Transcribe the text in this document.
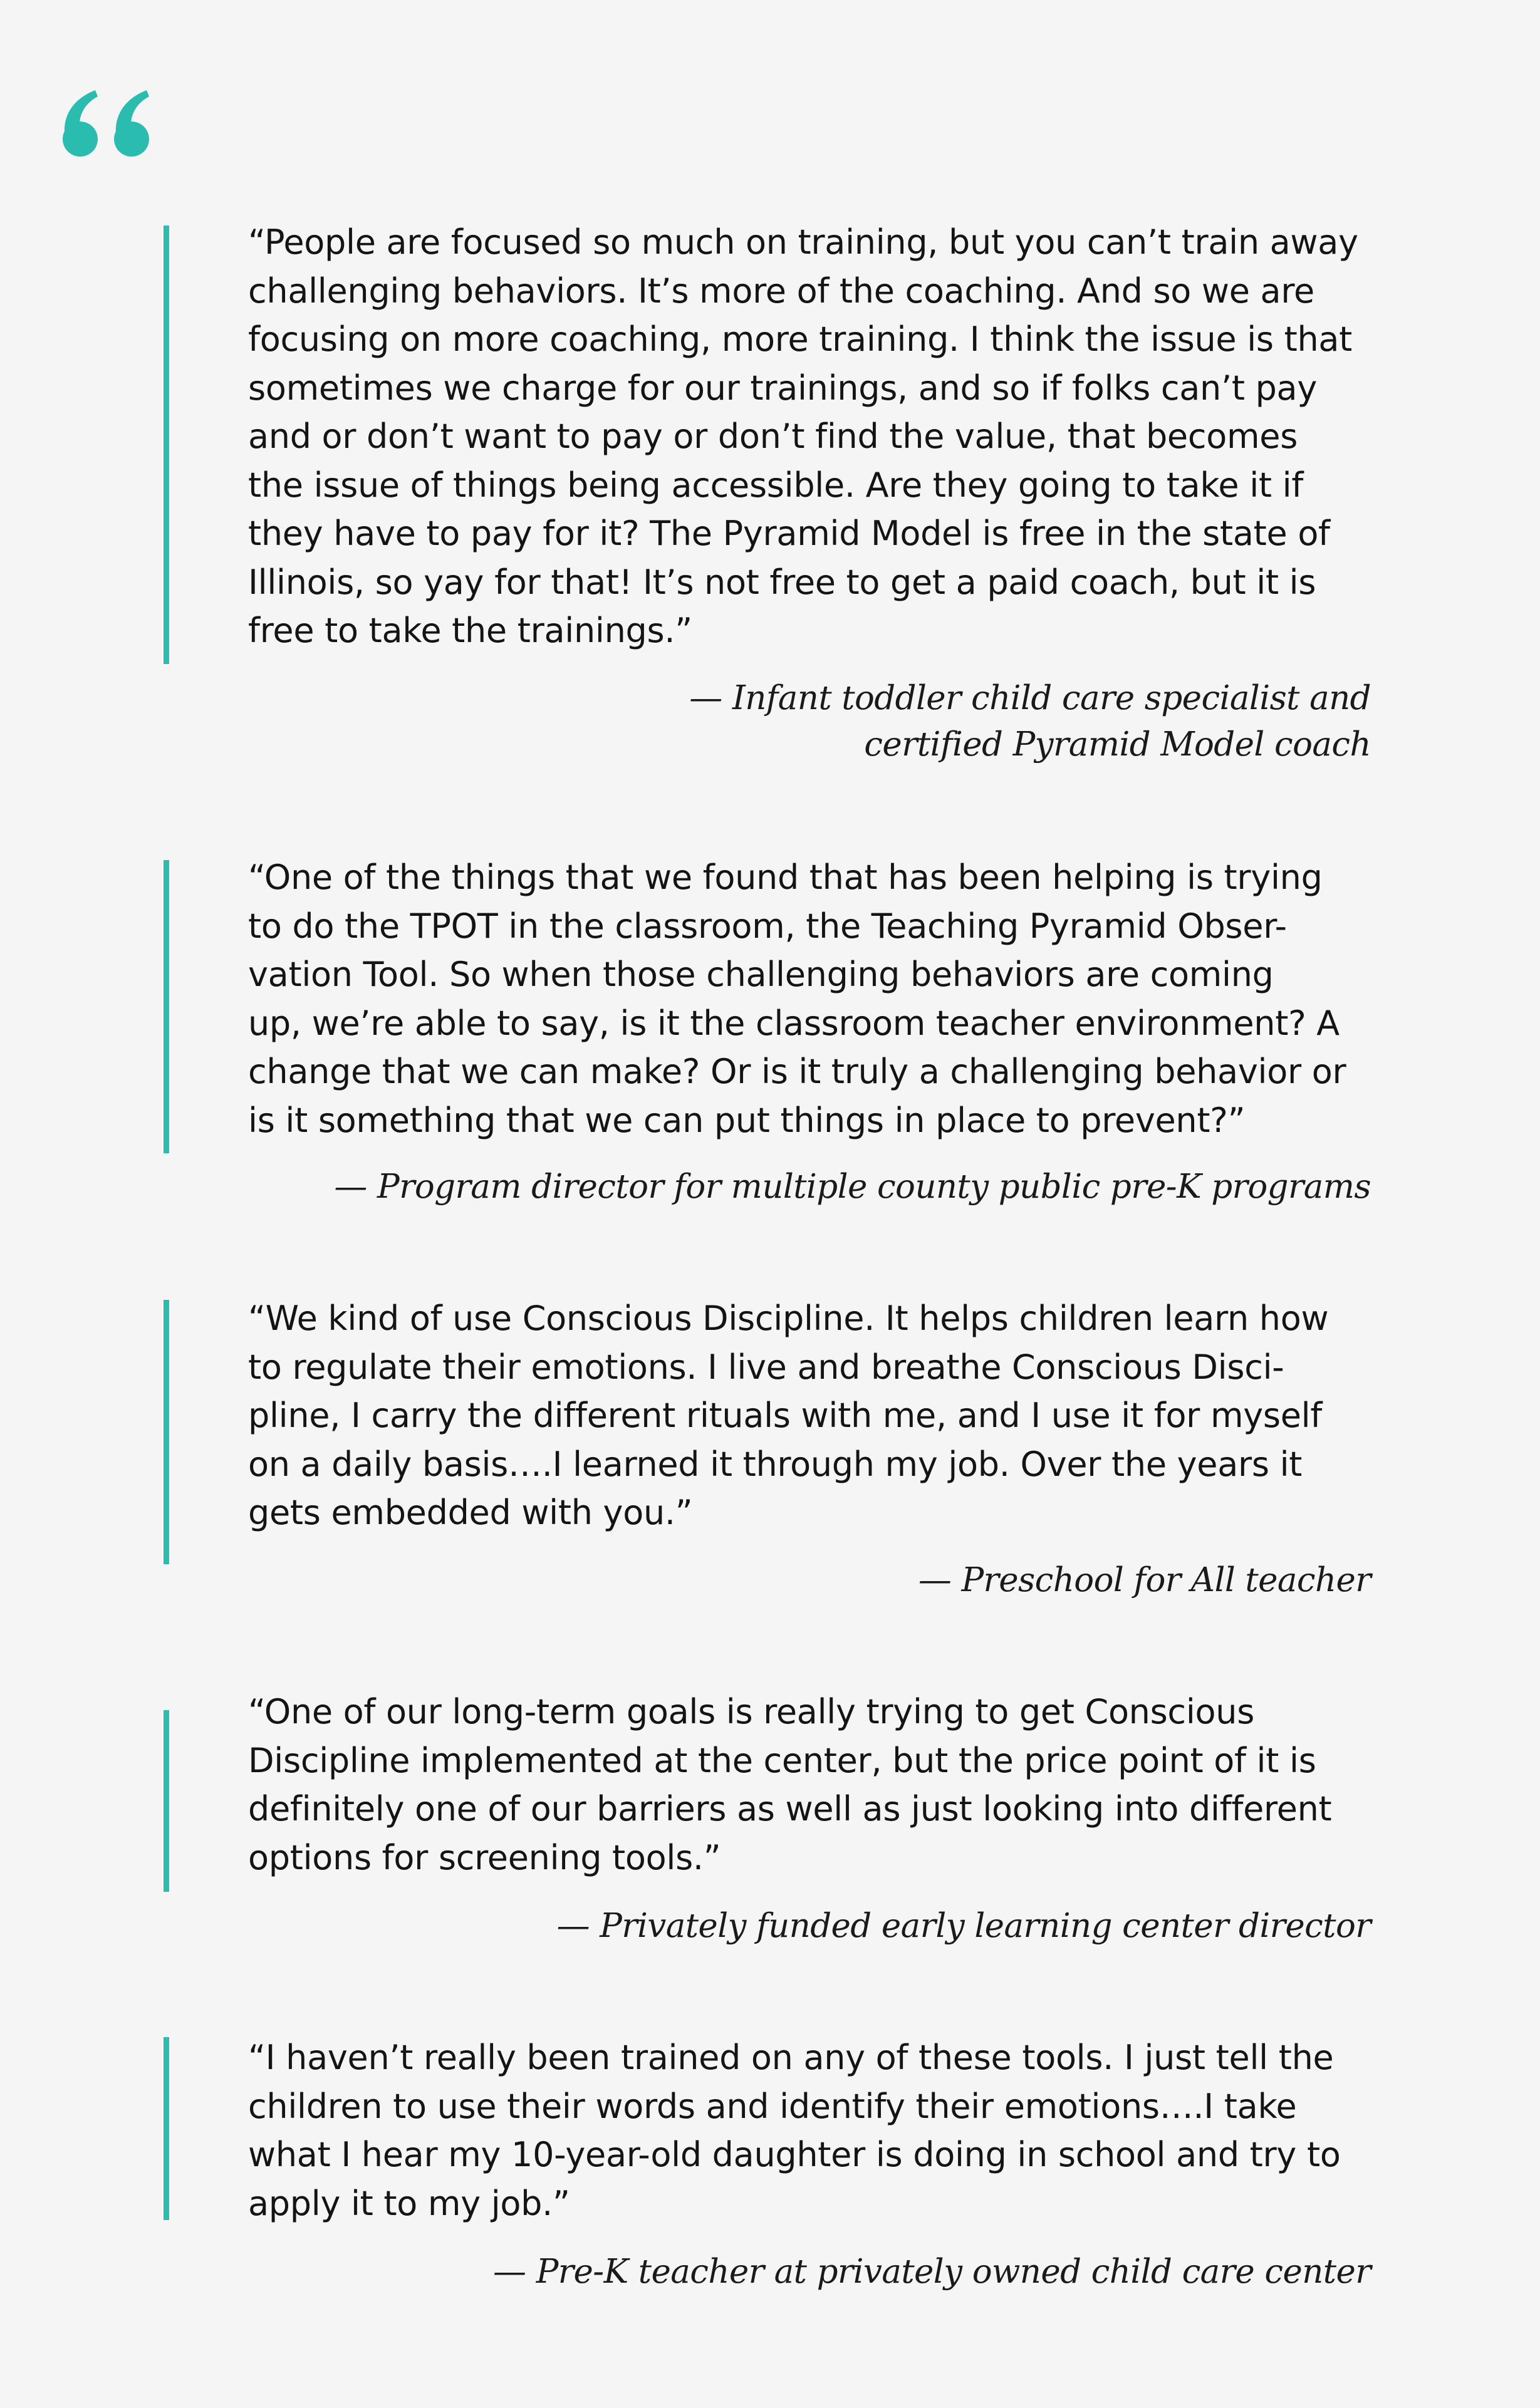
“People are focused so much on training, but you can’t train away
challenging behaviors. It’s more of the coaching. And so we are
focusing on more coaching, more training. I think the issue is that
sometimes we charge for our trainings, and so if folks can’t pay
and or don’t want to pay or don’t find the value, that becomes
the issue of things being accessible. Are they going to take it if
they have to pay for it? The Pyramid Model is free in the state of
Illinois, so yay for that! It’s not free to get a paid coach, but it is
free to take the trainings.”

— Infant toddler child care specialist and
certified Pyramid Model coach

“One of the things that we found that has been helping is trying
to do the TPOT in the classroom, the Teaching Pyramid Obser-
vation Tool. So when those challenging behaviors are coming
up, we’re able to say, is it the classroom teacher environment? A
change that we can make? Or is it truly a challenging behavior or
is it something that we can put things in place to prevent?”

— Program director for multiple county public pre-K programs

“We kind of use Conscious Discipline. It helps children learn how
to regulate their emotions. I live and breathe Conscious Disci-
pline, I carry the different rituals with me, and I use it for myself
on a daily basis….I learned it through my job. Over the years it
gets embedded with you.”

— Preschool for All teacher

“One of our long-term goals is really trying to get Conscious
Discipline implemented at the center, but the price point of it is
definitely one of our barriers as well as just looking into different
options for screening tools.”

— Privately funded early learning center director

“I haven’t really been trained on any of these tools. I just tell the
children to use their words and identify their emotions….I take
what I hear my 10-year-old daughter is doing in school and try to
apply it to my job.”

— Pre-K teacher at privately owned child care center
